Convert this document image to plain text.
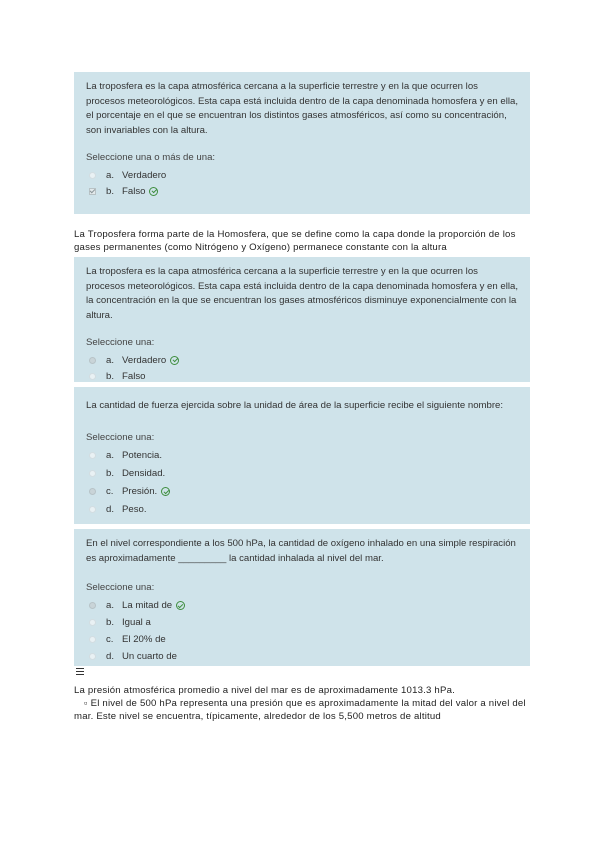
La troposfera es la capa atmosférica cercana a la superficie terrestre y en la que ocurren los procesos meteorológicos. Esta capa está incluida dentro de la capa denominada homosfera y en ella, el porcentaje en el que se encuentran los distintos gases atmosféricos, así como su concentración, son invariables con la altura.

Seleccione una o más de una:
a. Verdadero
b. Falso
La Troposfera forma parte de la Homosfera, que se define como la capa donde la proporción de los gases permanentes (como Nitrógeno y Oxígeno) permanece constante con la altura

La troposfera es la capa atmosférica cercana a la superficie terrestre y en la que ocurren los procesos meteorológicos. Esta capa está incluida dentro de la capa denominada homosfera y en ella, la concentración en la que se encuentran los gases atmosféricos disminuye exponencialmente con la altura.

Seleccione una:
a. Verdadero
b. Falso

La cantidad de fuerza ejercida sobre la unidad de área de la superficie recibe el siguiente nombre:

Seleccione una:
a. Potencia.
b. Densidad.
c. Presión.
d. Peso.

En el nivel correspondiente a los 500 hPa, la cantidad de oxígeno inhalado en una simple respiración es aproximadamente _________ la cantidad inhalada al nivel del mar.

Seleccione una:
a. La mitad de
b. Igual a
c. El 20% de
d. Un cuarto de
La presión atmosférica promedio a nivel del mar es de aproximadamente 1013.3 hPa.
▫ El nivel de 500 hPa representa una presión que es aproximadamente la mitad del valor a nivel del mar. Este nivel se encuentra, típicamente, alrededor de los 5,500 metros de altitud
